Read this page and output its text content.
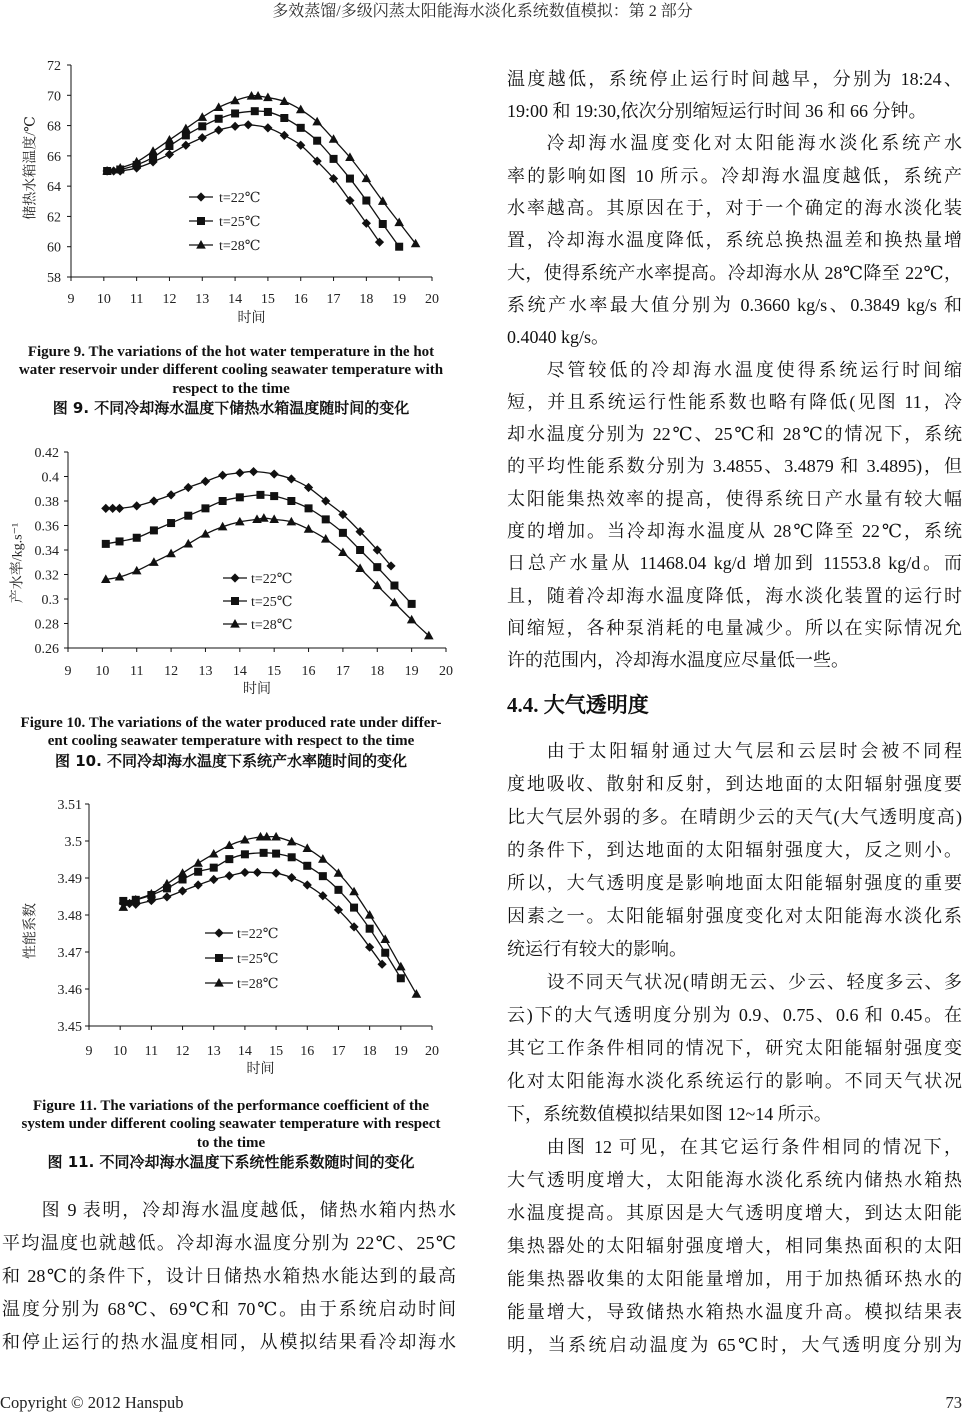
多效蒸馏/多级闪蒸太阳能海水淡化系统数值模拟：第 2 部分
58
60
62
64
66
68
70
72
9 10 11 12 13 14 15 16 17 18 19 20
时间
储热水箱温度/℃	t=22℃
t=25℃
t=28℃
Figure 9. The variations of the hot water temperature in the hot
water reservoir under different cooling seawater temperature with
respect to the time
图 9. 不同冷却海水温度下储热水箱温度随时间的变化
0.26
0.28
0.3
0.32
0.34
0.36
0.38
0.4
0.42
9 10 11 12 13 14 15 16 17 18 19 20
时间
产水率/kg.s⁻¹	t=22℃
t=25℃
t=28℃
Figure 10. The variations of the water produced rate under differ-
ent cooling seawater temperature with respect to the time
图 10. 不同冷却海水温度下系统产水率随时间的变化
3.45
3.46
3.47
3.48
3.49
3.5
3.51
9 10 11 12 13 14 15 16 17 18 19 20
时间
性能系数	t=22℃
t=25℃
t=28℃
Figure 11. The variations of the performance coefficient of the
system under different cooling seawater temperature with respect
to the time
图 11. 不同冷却海水温度下系统性能系数随时间的变化
图 9 表明，冷却海水温度越低，储热水箱内热水
平均温度也就越低。冷却海水温度分别为 22℃、25℃
和 28℃的条件下，设计日储热水箱热水能达到的最高
温度分别为 68℃、69℃和 70℃。由于系统启动时间
和停止运行的热水温度相同，从模拟结果看冷却海水
温度越低，系统停止运行时间越早，分别为 18:24、
19:00 和 19:30,依次分别缩短运行时间 36 和 66 分钟。
冷却海水温度变化对太阳能海水淡化系统产水
率的影响如图 10 所示。冷却海水温度越低，系统产
水率越高。其原因在于，对于一个确定的海水淡化装
置，冷却海水温度降低，系统总换热温差和换热量增
大，使得系统产水率提高。冷却海水从 28℃降至 22℃，
系统产水率最大值分别为 0.3660 kg/s、0.3849 kg/s 和
0.4040 kg/s。
尽管较低的冷却海水温度使得系统运行时间缩
短，并且系统运行性能系数也略有降低(见图 11，冷
却水温度分别为 22℃、25℃和 28℃的情况下，系统
的平均性能系数分别为 3.4855、3.4879 和 3.4895)，但
太阳能集热效率的提高，使得系统日产水量有较大幅
度的增加。当冷却海水温度从 28℃降至 22℃，系统
日总产水量从 11468.04 kg/d 增加到 11553.8 kg/d。而
且，随着冷却海水温度降低，海水淡化装置的运行时
间缩短，各种泵消耗的电量减少。所以在实际情况允
许的范围内，冷却海水温度应尽量低一些。
4.4. 大气透明度
由于太阳辐射通过大气层和云层时会被不同程
度地吸收、散射和反射，到达地面的太阳辐射强度要
比大气层外弱的多。在晴朗少云的天气(大气透明度高)
的条件下，到达地面的太阳辐射强度大，反之则小。
所以，大气透明度是影响地面太阳能辐射强度的重要
因素之一。太阳能辐射强度变化对太阳能海水淡化系
统运行有较大的影响。
设不同天气状况(晴朗无云、少云、轻度多云、多
云)下的大气透明度分别为 0.9、0.75、0.6 和 0.45。在
其它工作条件相同的情况下，研究太阳能辐射强度变
化对太阳能海水淡化系统运行的影响。不同天气状况
下，系统数值模拟结果如图 12~14 所示。
由图 12 可见，在其它运行条件相同的情况下，
大气透明度增大，太阳能海水淡化系统内储热水箱热
水温度提高。其原因是大气透明度增大，到达太阳能
集热器处的太阳辐射强度增大，相同集热面积的太阳
能集热器收集的太阳能量增加，用于加热循环热水的
能量增大，导致储热水箱热水温度升高。模拟结果表
明，当系统启动温度为 65℃时，大气透明度分别为
Copyright © 2012 Hanspub	73
